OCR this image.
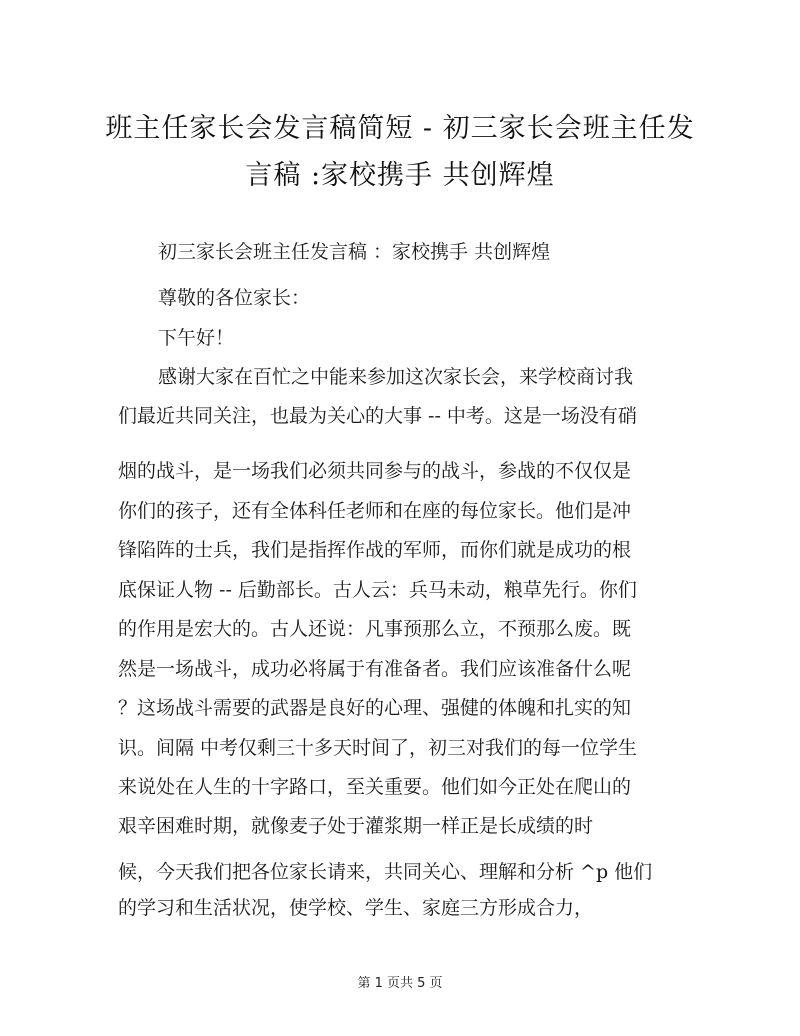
班主任家长会发言稿简短 - 初三家长会班主任发
言稿 :家校携手 共创辉煌
初三家长会班主任发言稿 ：家校携手 共创辉煌
尊敬的各位家长：
下午好！
感谢大家在百忙之中能来参加这次家长会，来学校商讨我
们最近共同关注，也最为关心的大事 -- 中考。这是一场没有硝
烟的战斗，是一场我们必须共同参与的战斗，参战的不仅仅是
你们的孩子，还有全体科任老师和在座的每位家长。他们是冲
锋陷阵的士兵，我们是指挥作战的军师，而你们就是成功的根
底保证人物 -- 后勤部长。古人云：兵马未动，粮草先行。你们
的作用是宏大的。古人还说：凡事预那么立，不预那么废。既
然是一场战斗，成功必将属于有准备者。我们应该准备什么呢
？这场战斗需要的武器是良好的心理、强健的体魄和扎实的知
识。间隔 中考仅剩三十多天时间了，初三对我们的每一位学生
来说处在人生的十字路口，至关重要。他们如今正处在爬山的
艰辛困难时期，就像麦子处于灌浆期一样正是长成绩的时
候，今天我们把各位家长请来，共同关心、理解和分析 ^p 他们
的学习和生活状况，使学校、学生、家庭三方形成合力，
第 1 页共 5 页
